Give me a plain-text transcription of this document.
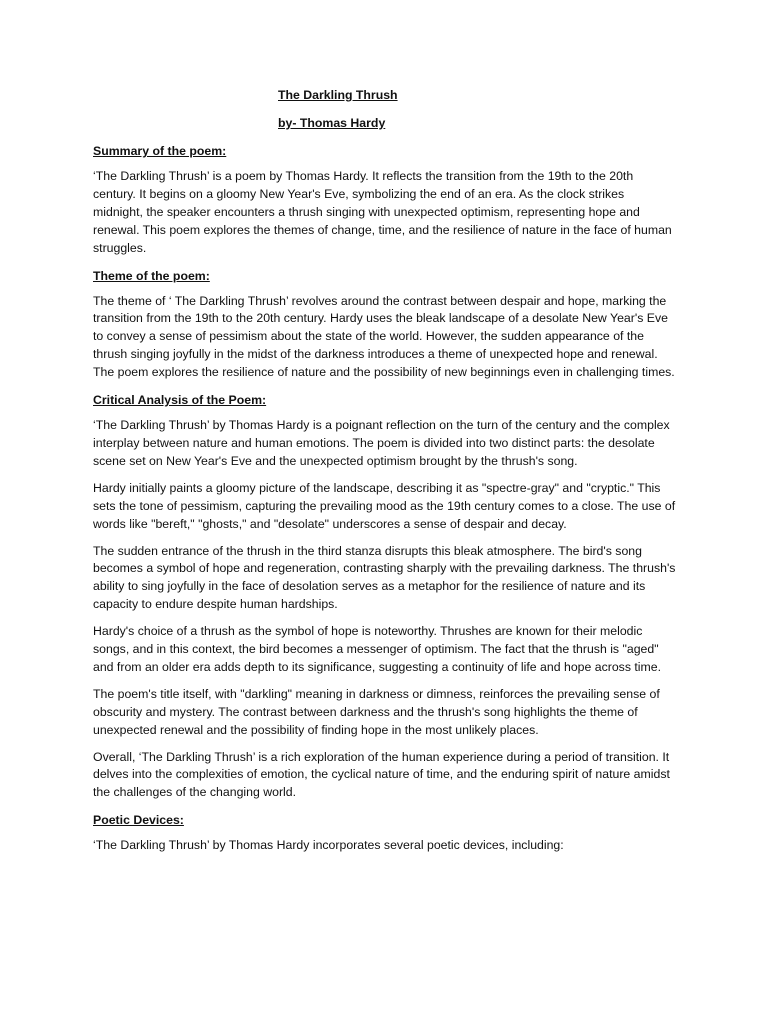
The Darkling Thrush

by- Thomas Hardy

Summary of the poem:

‘The Darkling Thrush’ is a poem by Thomas Hardy. It reflects the transition from the 19th to the 20th century. It begins on a gloomy New Year's Eve, symbolizing the end of an era. As the clock strikes midnight, the speaker encounters a thrush singing with unexpected optimism, representing hope and renewal. This poem explores the themes of change, time, and the resilience of nature in the face of human struggles.

Theme of the poem:

The theme of ‘ The Darkling Thrush’ revolves around the contrast between despair and hope, marking the transition from the 19th to the 20th century. Hardy uses the bleak landscape of a desolate New Year's Eve to convey a sense of pessimism about the state of the world. However, the sudden appearance of the thrush singing joyfully in the midst of the darkness introduces a theme of unexpected hope and renewal. The poem explores the resilience of nature and the possibility of new beginnings even in challenging times.

Critical Analysis of the Poem:

‘The Darkling Thrush’ by Thomas Hardy is a poignant reflection on the turn of the century and the complex interplay between nature and human emotions. The poem is divided into two distinct parts: the desolate scene set on New Year's Eve and the unexpected optimism brought by the thrush's song.

Hardy initially paints a gloomy picture of the landscape, describing it as "spectre-gray" and "cryptic." This sets the tone of pessimism, capturing the prevailing mood as the 19th century comes to a close. The use of words like "bereft," "ghosts," and "desolate" underscores a sense of despair and decay.

The sudden entrance of the thrush in the third stanza disrupts this bleak atmosphere. The bird's song becomes a symbol of hope and regeneration, contrasting sharply with the prevailing darkness. The thrush's ability to sing joyfully in the face of desolation serves as a metaphor for the resilience of nature and its capacity to endure despite human hardships.

Hardy's choice of a thrush as the symbol of hope is noteworthy. Thrushes are known for their melodic songs, and in this context, the bird becomes a messenger of optimism. The fact that the thrush is "aged" and from an older era adds depth to its significance, suggesting a continuity of life and hope across time.

The poem's title itself, with "darkling" meaning in darkness or dimness, reinforces the prevailing sense of obscurity and mystery. The contrast between darkness and the thrush's song highlights the theme of unexpected renewal and the possibility of finding hope in the most unlikely places.

Overall, ‘The Darkling Thrush’ is a rich exploration of the human experience during a period of transition. It delves into the complexities of emotion, the cyclical nature of time, and the enduring spirit of nature amidst the challenges of the changing world.

Poetic Devices:

‘The Darkling Thrush’ by Thomas Hardy incorporates several poetic devices, including:
